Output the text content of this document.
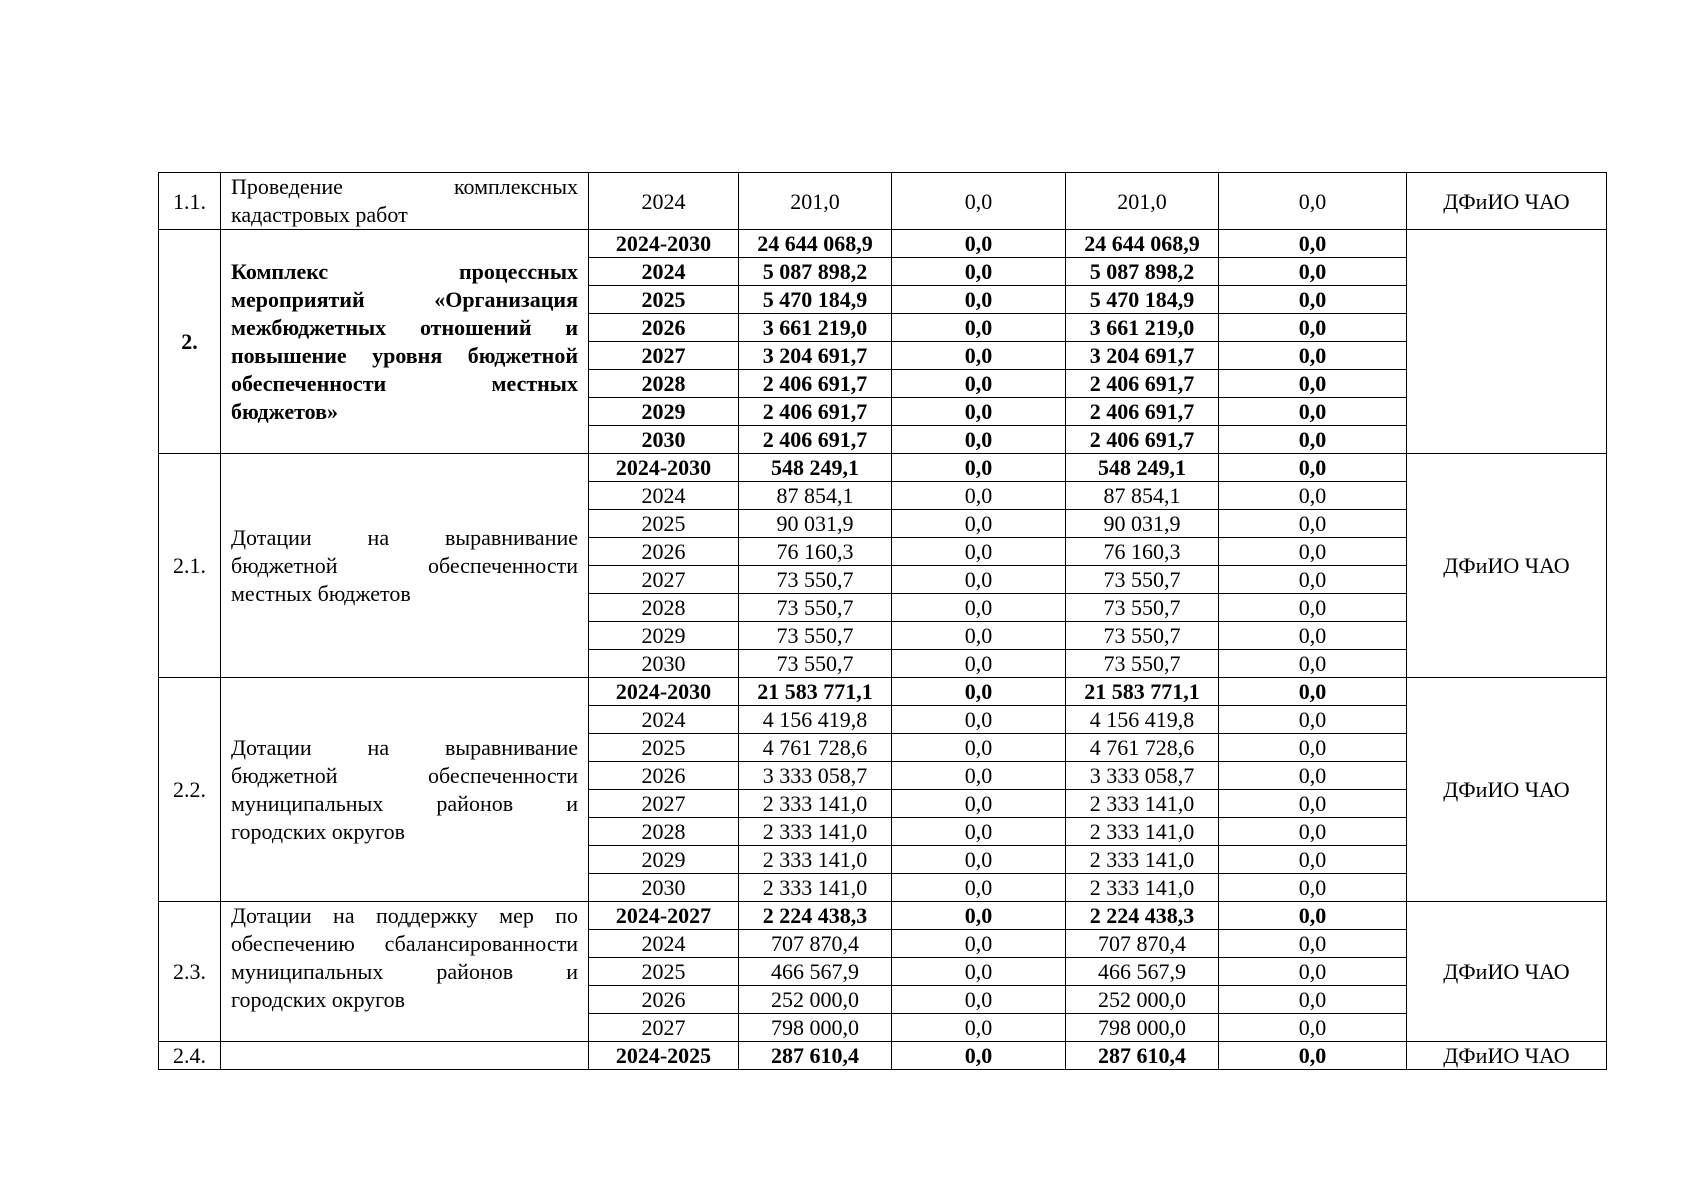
1.1.	Проведение комплексных кадастровых работ	2024	201,0	0,0	201,0	0,0	ДФиИО ЧАО
2.	Комплекс процессных мероприятий «Организация межбюджетных отношений и повышение уровня бюджетной обеспеченности местных бюджетов»	2024-2030	24 644 068,9	0,0	24 644 068,9	0,0	
		2024	5 087 898,2	0,0	5 087 898,2	0,0	
		2025	5 470 184,9	0,0	5 470 184,9	0,0	
		2026	3 661 219,0	0,0	3 661 219,0	0,0	
		2027	3 204 691,7	0,0	3 204 691,7	0,0	
		2028	2 406 691,7	0,0	2 406 691,7	0,0	
		2029	2 406 691,7	0,0	2 406 691,7	0,0	
		2030	2 406 691,7	0,0	2 406 691,7	0,0	
2.1.	Дотации на выравнивание бюджетной обеспеченности местных бюджетов	2024-2030	548 249,1	0,0	548 249,1	0,0	ДФиИО ЧАО
		2024	87 854,1	0,0	87 854,1	0,0	
		2025	90 031,9	0,0	90 031,9	0,0	
		2026	76 160,3	0,0	76 160,3	0,0	
		2027	73 550,7	0,0	73 550,7	0,0	
		2028	73 550,7	0,0	73 550,7	0,0	
		2029	73 550,7	0,0	73 550,7	0,0	
		2030	73 550,7	0,0	73 550,7	0,0	
2.2.	Дотации на выравнивание бюджетной обеспеченности муниципальных районов и городских округов	2024-2030	21 583 771,1	0,0	21 583 771,1	0,0	ДФиИО ЧАО
		2024	4 156 419,8	0,0	4 156 419,8	0,0	
		2025	4 761 728,6	0,0	4 761 728,6	0,0	
		2026	3 333 058,7	0,0	3 333 058,7	0,0	
		2027	2 333 141,0	0,0	2 333 141,0	0,0	
		2028	2 333 141,0	0,0	2 333 141,0	0,0	
		2029	2 333 141,0	0,0	2 333 141,0	0,0	
		2030	2 333 141,0	0,0	2 333 141,0	0,0	
2.3.	Дотации на поддержку мер по обеспечению сбалансированности муниципальных районов и городских округов	2024-2027	2 224 438,3	0,0	2 224 438,3	0,0	ДФиИО ЧАО
		2024	707 870,4	0,0	707 870,4	0,0	
		2025	466 567,9	0,0	466 567,9	0,0	
		2026	252 000,0	0,0	252 000,0	0,0	
		2027	798 000,0	0,0	798 000,0	0,0	
2.4.		2024-2025	287 610,4	0,0	287 610,4	0,0	ДФиИО ЧАО
